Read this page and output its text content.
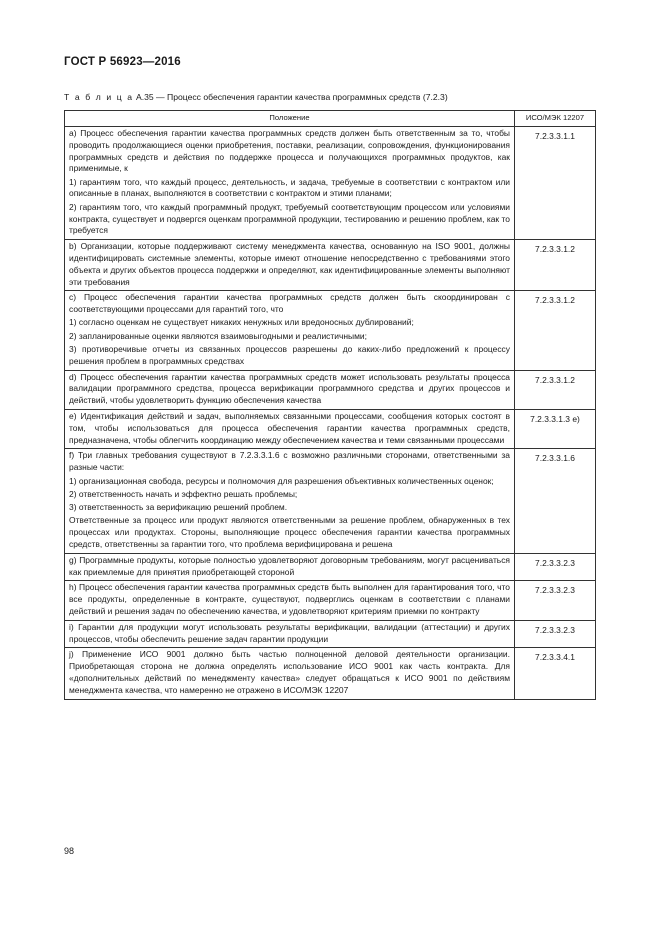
ГОСТ Р 56923—2016
Т а б л и ц а А.35 — Процесс обеспечения гарантии качества программных средств (7.2.3)
Положение	ИСО/МЭК 12207

а) Процесс обеспечения гарантии качества программных средств должен быть ответственным за то, чтобы проводить продолжающиеся оценки приобретения, поставки, реализации, сопровождения, функционирования программных средств и действия по поддержке процесса и получающихся программных продуктов, как применимые, к

1) гарантиям того, что каждый процесс, деятельность, и задача, требуемые в соответствии с контрактом или описанные в планах, выполняются в соответствии с контрактом и этими планами;

2) гарантиям того, что каждый программный продукт, требуемый соответствующим процессом или условиями контракта, существует и подвергся оценкам программной продукции, тестированию и решению проблем, как то требуется	7.2.3.3.1.1

b) Организации, которые поддерживают систему менеджмента качества, основанную на ISO 9001, должны идентифицировать системные элементы, которые имеют отношение непосредственно с требованиями этого объекта и других объектов процесса поддержки и определяют, как идентифицированные элементы выполняют эти требования	7.2.3.3.1.2

с) Процесс обеспечения гарантии качества программных средств должен быть скоординирован с соответствующими процессами для гарантий того, что

1) согласно оценкам не существует никаких ненужных или вредоносных дублирований;

2) запланированные оценки являются взаимовыгодными и реалистичными;

3) противоречивые отчеты из связанных процессов разрешены до каких-либо предложений к процессу решения проблем в программных средствах	7.2.3.3.1.2

d) Процесс обеспечения гарантии качества программных средств может использовать результаты процесса валидации программного средства, процесса верификации программного средства и других процессов и действий, чтобы удовлетворить функцию обеспечения качества	7.2.3.3.1.2

e) Идентификация действий и задач, выполняемых связанными процессами, сообщения которых состоят в том, чтобы использоваться для процесса обеспечения гарантии качества программных средств, предназначена, чтобы облегчить координацию между обеспечением качества и теми связанными процессами	7.2.3.3.1.3 e)

f) Три главных требования существуют в 7.2.3.3.1.6 с возможно различными сторонами, ответственными за разные части:

1) организационная свобода, ресурсы и полномочия для разрешения объективных количественных оценок;

2) ответственность начать и эффектно решать проблемы;

3) ответственность за верификацию решений проблем.

Ответственные за процесс или продукт являются ответственными за решение проблем, обнаруженных в тех процессах или продуктах. Стороны, выполняющие процесс обеспечения гарантии качества программных средств, ответственны за гарантии того, что проблема верифицирована и решена	7.2.3.3.1.6

g) Программные продукты, которые полностью удовлетворяют договорным требованиям, могут расцениваться как приемлемые для принятия приобретающей стороной	7.2.3.3.2.3

h) Процесс обеспечения гарантии качества программных средств быть выполнен для гарантирования того, что все продукты, определенные в контракте, существуют, подверглись оценкам в соответствии с планами действий и решения задач по обеспечению качества, и удовлетворяют критериям приемки по контракту	7.2.3.3.2.3

i) Гарантии для продукции могут использовать результаты верификации, валидации (аттестации) и других процессов, чтобы обеспечить решение задач гарантии продукции	7.2.3.3.2.3

j) Применение ИСО 9001 должно быть частью полноценной деловой деятельности организации. Приобретающая сторона не должна определять использование ИСО 9001 как часть контракта. Для «дополнительных действий по менеджменту качества» следует обращаться к ИСО 9001 по действиям менеджмента качества, что намеренно не отражено в ИСО/МЭК 12207	7.2.3.3.4.1
98
